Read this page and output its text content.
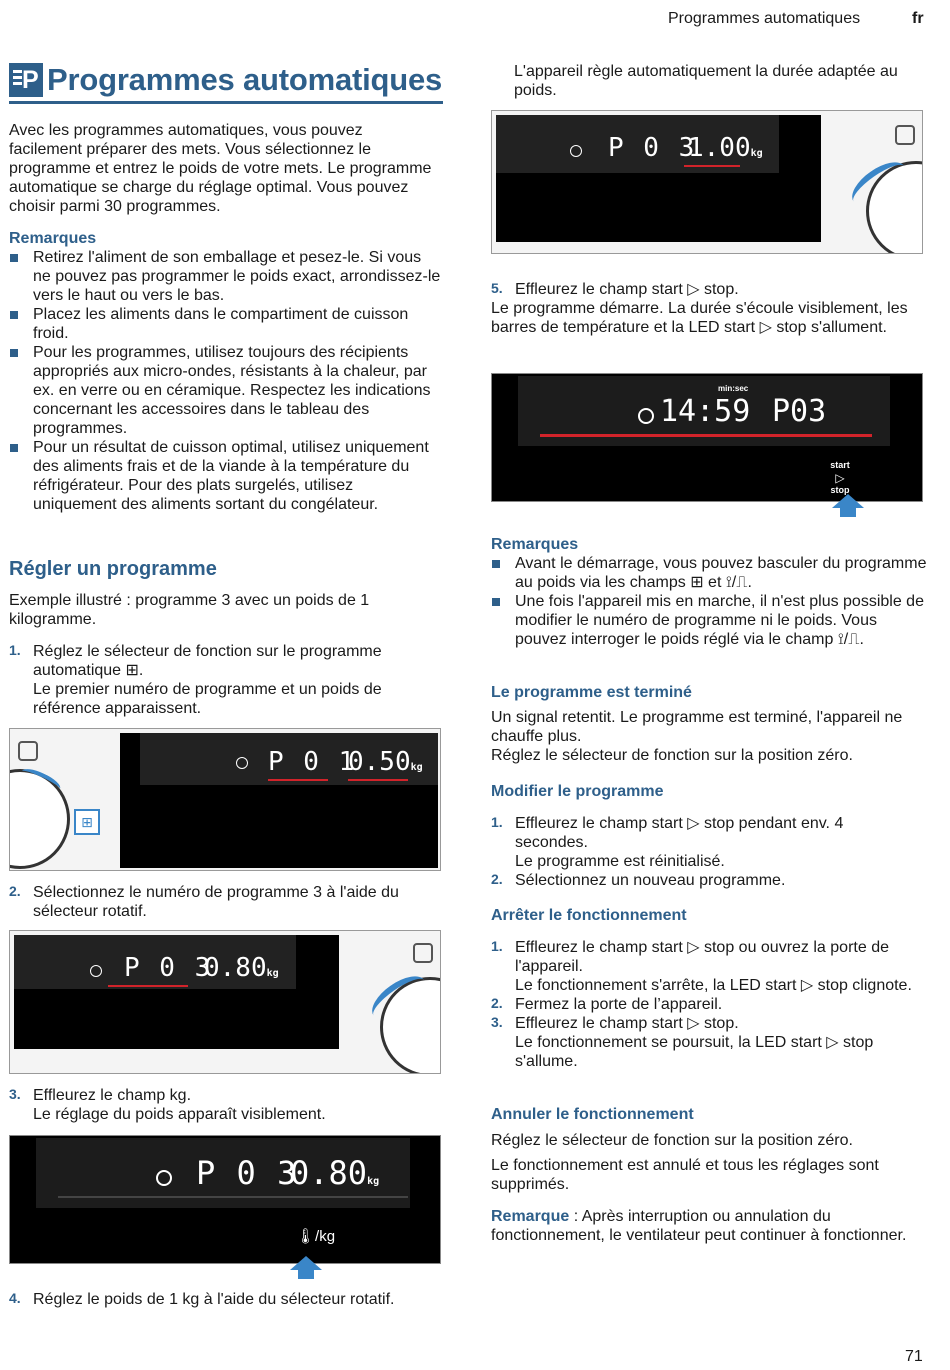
Programmes automatiques	fr
P Programmes automatiques

Avec les programmes automatiques, vous pouvez facilement préparer des mets. Vous sélectionnez le programme et entrez le poids de votre mets. Le programme automatique se charge du réglage optimal. Vous pouvez choisir parmi 30 programmes.

Remarques
Retirez l'aliment de son emballage et pesez-le. Si vous ne pouvez pas programmer le poids exact, arrondissez-le vers le haut ou vers le bas.
Placez les aliments dans le compartiment de cuisson froid.
Pour les programmes, utilisez toujours des récipients appropriés aux micro-ondes, résistants à la chaleur, par ex. en verre ou en céramique. Respectez les indications concernant les accessoires dans le tableau des programmes.
Pour un résultat de cuisson optimal, utilisez uniquement des aliments frais et de la viande à la température du réfrigérateur. Pour des plats surgelés, utilisez uniquement des aliments sortant du congélateur.
Régler un programme

Exemple illustré : programme 3 avec un poids de 1 kilogramme.

1. Réglez le sélecteur de fonction sur le programme automatique ⊞.
Le premier numéro de programme et un poids de référence apparaissent.
⊞
P 0 1
0.50kg
2. Sélectionnez le numéro de programme 3 à l'aide du sélecteur rotatif.
P 0 3
0.80kg
3. Effleurez le champ kg.
Le réglage du poids apparaît visiblement.
P 0 3
0.80kg
🌡/kg
4. Réglez le poids de 1 kg à l'aide du sélecteur rotatif.

L'appareil règle automatiquement la durée adaptée au poids.

P 0 3
1.00kg
5. Effleurez le champ start ▷ stop.

Le programme démarre. La durée s'écoule visiblement, les barres de température et la LED start ▷ stop s'allument.

min:sec
14:59 P03
start
▷
stop
Remarques
Avant le démarrage, vous pouvez basculer du programme au poids via les champs ⊞ et ⟟/⎍.
Une fois l'appareil mis en marche, il n'est plus possible de modifier le numéro de programme ni le poids. Vous pouvez interroger le poids réglé via le champ ⟟/⎍.
Le programme est terminé

Un signal retentit. Le programme est terminé, l'appareil ne chauffe plus.

Réglez le sélecteur de fonction sur la position zéro.

Modifier le programme
1. Effleurez le champ start ▷ stop pendant env. 4 secondes.
Le programme est réinitialisé.
2. Sélectionnez un nouveau programme.
Arrêter le fonctionnement
1. Effleurez le champ start ▷ stop ou ouvrez la porte de l'appareil.
Le fonctionnement s'arrête, la LED start ▷ stop clignote.
2. Fermez la porte de l’appareil.
3. Effleurez le champ start ▷ stop.
Le fonctionnement se poursuit, la LED start ▷ stop s'allume.
Annuler le fonctionnement

Réglez le sélecteur de fonction sur la position zéro.

Le fonctionnement est annulé et tous les réglages sont supprimés.

Remarque : Après interruption ou annulation du fonctionnement, le ventilateur peut continuer à fonctionner.

71
